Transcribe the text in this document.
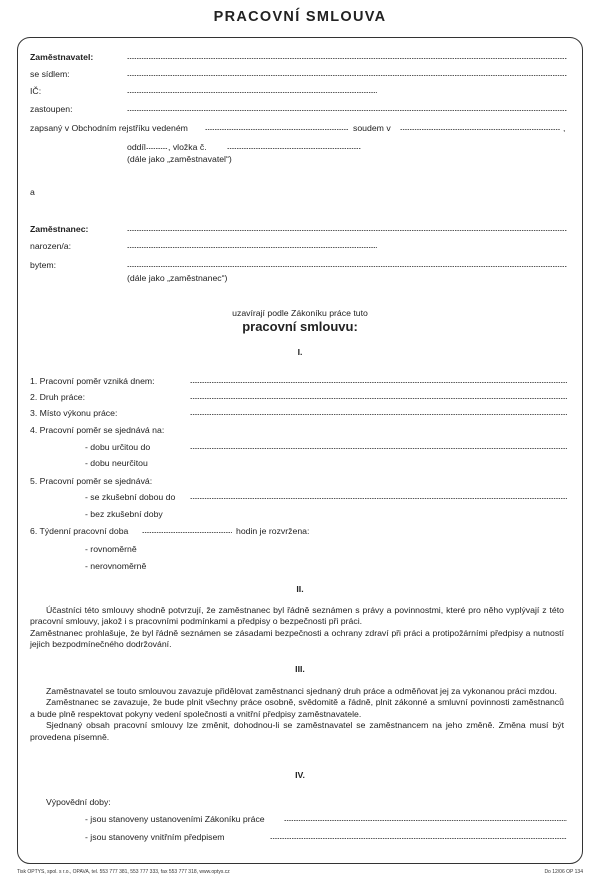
PRACOVNÍ SMLOUVA
Zaměstnavatel:
se sídlem:
IČ:
zastoupen:
zapsaný v Obchodním rejstříku vedeném	soudem v	,
oddíl	, vložka č.
(dále jako „zaměstnavatel“)
a
Zaměstnanec:
narozen/a:
bytem:
(dále jako „zaměstnanec“)
uzavírají podle Zákoníku práce tuto
pracovní smlouvu:
I.
1. Pracovní poměr vzniká dnem:
2. Druh práce:
3. Místo výkonu práce:
4. Pracovní poměr se sjednává na:
- dobu určitou do
- dobu neurčitou
5. Pracovní poměr se sjednává:
- se zkušební dobou do
- bez zkušební doby
6. Týdenní pracovní doba	hodin je rozvržena:
- rovnoměrně
- nerovnoměrně
II.

Účastníci této smlouvy shodně potvrzují, že zaměstnanec byl řádně seznámen s právy a povinnostmi, které pro něho vyplývají z této pracovní smlouvy, jakož i s pracovními podmínkami a předpisy o bezpečnosti při práci.

Zaměstnanec prohlašuje, že byl řádně seznámen se zásadami bezpečnosti a ochrany zdraví při práci a protipožárními předpisy a nutností jejich bezpodmínečného dodržování.

III.

Zaměstnavatel se touto smlouvou zavazuje přidělovat zaměstnanci sjednaný druh práce a odměňovat jej za vykonanou práci mzdou.

Zaměstnanec se zavazuje, že bude plnit všechny práce osobně, svědomitě a řádně, plnit zákonné a smluvní povinnosti zaměstnanců a bude plně respektovat pokyny vedení společnosti a vnitřní předpisy zaměstnavatele.

Sjednaný obsah pracovní smlouvy lze změnit, dohodnou-li se zaměstnavatel se zaměstnancem na jeho změně. Změna musí být provedena písemně.

IV.
Výpovědní doby:
- jsou stanoveny ustanoveními Zákoníku práce
- jsou stanoveny vnitřním předpisem
Tisk OPTYS, spol. s r.o., OPAVA, tel. 553 777 381, 553 777 333, fax 553 777 318, www.optys.cz	Do 12/06 OP 134
